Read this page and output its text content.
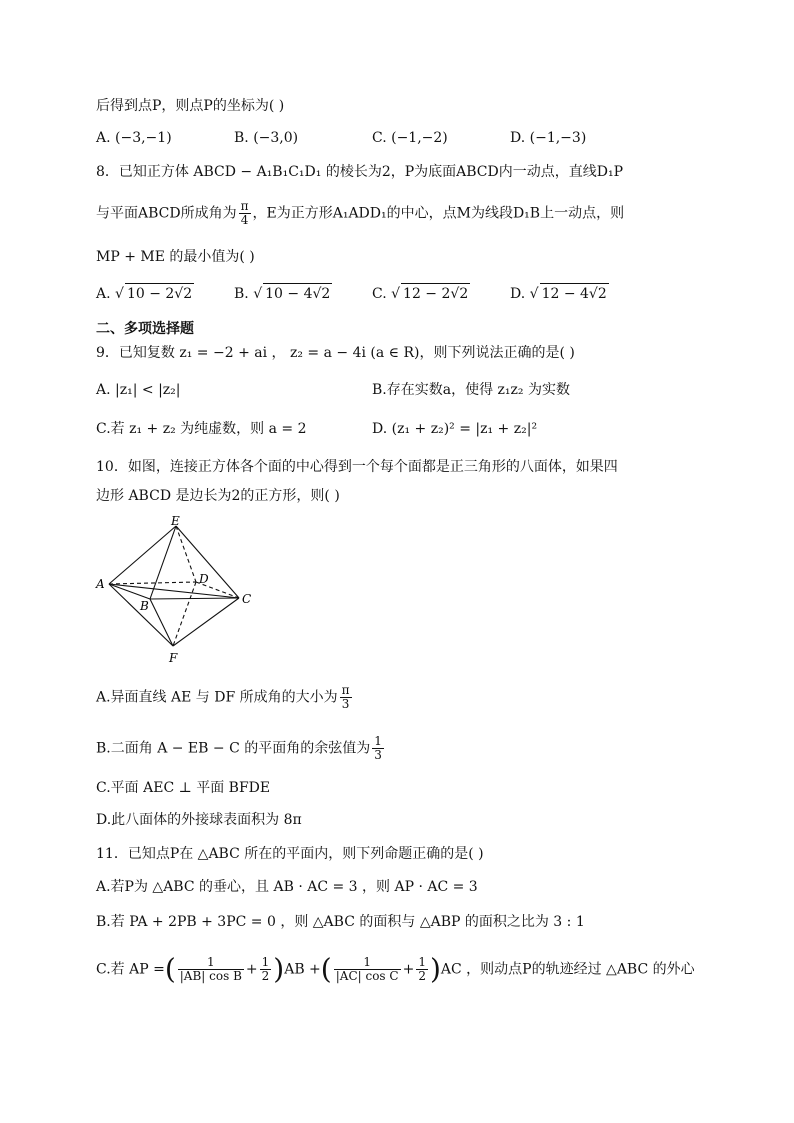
后得到点P，则点P的坐标为( )
A. (−3,−1)	B. (−3,0)	C. (−1,−2)	D. (−1,−3)
8．已知正方体 ABCD − A₁B₁C₁D₁ 的棱长为2，P为底面ABCD内一动点，直线D₁P
与平面ABCD所成角为 $\frac{\pi}{4}$ ，E为正方形A₁ADD₁的中心，点M为线段D₁B上一动点，则
MP + ME 的最小值为( )
A. √ 10 − 2√2	B. √ 10 − 4√2	C. √ 12 − 2√2	D. √ 12 − 4√2
二、多项选择题
9．已知复数 z₁ = −2 + ai ， z₂ = a − 4i (a ∈ R)，则下列说法正确的是( )
A. |z₁| < |z₂|	B.存在实数a，使得 z₁z₂ 为实数
C.若 z₁ + z₂ 为纯虚数，则 a = 2	D. (z₁ + z₂)² = |z₁ + z₂|²
10．如图，连接正方体各个面的中心得到一个每个面都是正三角形的八面体，如果四
边形 ABCD 是边长为2的正方形，则( )
E
A	D
B	C
F
A.异面直线 AE 与 DF 所成角的大小为 $\frac{\pi}{3}$
B.二面角 A − EB − C 的平面角的余弦值为 $\frac{1}{3}$
C.平面 AEC ⊥ 平面 BFDE
D.此八面体的外接球表面积为 8π
11．已知点P在 △ABC 所在的平面内，则下列命题正确的是( )
A.若P为 △ABC 的垂心，且 AB · AC = 3 ，则 AP · AC = 3
B.若 PA + 2PB + 3PC = 0 ，则 △ABC 的面积与 △ABP 的面积之比为 3 : 1
C.若 AP =( $\frac{1}{\text{|AB| cos B}} + \frac{1}{2} )AB$ +( $\frac{1}{\text{|AC| cos C}} + \frac{1}{2} )AC$ ，则动点P的轨迹经过 △ABC 的外心
